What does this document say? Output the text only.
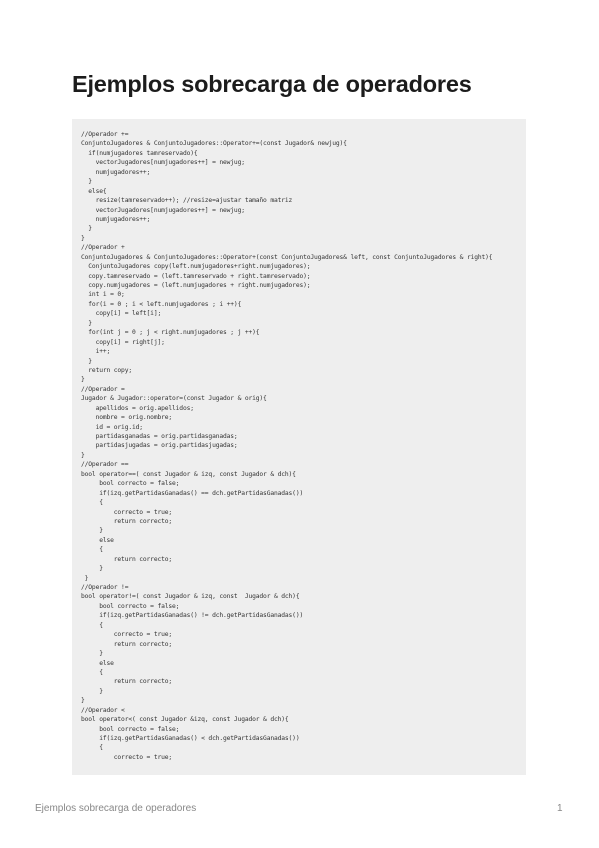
Ejemplos sobrecarga de operadores
//Operador +=
ConjuntoJugadores & ConjuntoJugadores::Operator+=(const Jugador& newjug){
if(numjugadores tamreservado){
vectorJugadores[numjugadores++] = newjug;
numjugadores++;
}
else{
resize(tamreservado++); //resize=ajustar tamaño matriz
vectorJugadores[numjugadores++] = newjug;
numjugadores++;
}
}
//Operador +
ConjuntoJugadores & ConjuntoJugadores::Operator+(const ConjuntoJugadores& left, const ConjuntoJugadores & right){
ConjuntoJugadores copy(left.numjugadores+right.numjugadores);
copy.tamreservado = (left.tamreservado + right.tamreservado);
copy.numjugadores = (left.numjugadores + right.numjugadores);
int i = 0;
for(i = 0 ; i < left.numjugadores ; i ++){
copy[i] = left[i];
}
for(int j = 0 ; j < right.numjugadores ; j ++){
copy[i] = right[j];
i++;
}
return copy;
}
//Operador =
Jugador & Jugador::operator=(const Jugador & orig){
apellidos = orig.apellidos;
nombre = orig.nombre;
id = orig.id;
partidasganadas = orig.partidasganadas;
partidasjugadas = orig.partidasjugadas;
}
//Operador ==
bool operator==( const Jugador & izq, const Jugador & dch){
bool correcto = false;
if(izq.getPartidasGanadas() == dch.getPartidasGanadas())
{
correcto = true;
return correcto;
}
else
{
return correcto;
}
}
//Operador !=
bool operator!=( const Jugador & izq, const  Jugador & dch){
bool correcto = false;
if(izq.getPartidasGanadas() != dch.getPartidasGanadas())
{
correcto = true;
return correcto;
}
else
{
return correcto;
}
}
//Operador <
bool operator<( const Jugador &izq, const Jugador & dch){
bool correcto = false;
if(izq.getPartidasGanadas() < dch.getPartidasGanadas())
{
correcto = true;
Ejemplos sobrecarga de operadores	1
